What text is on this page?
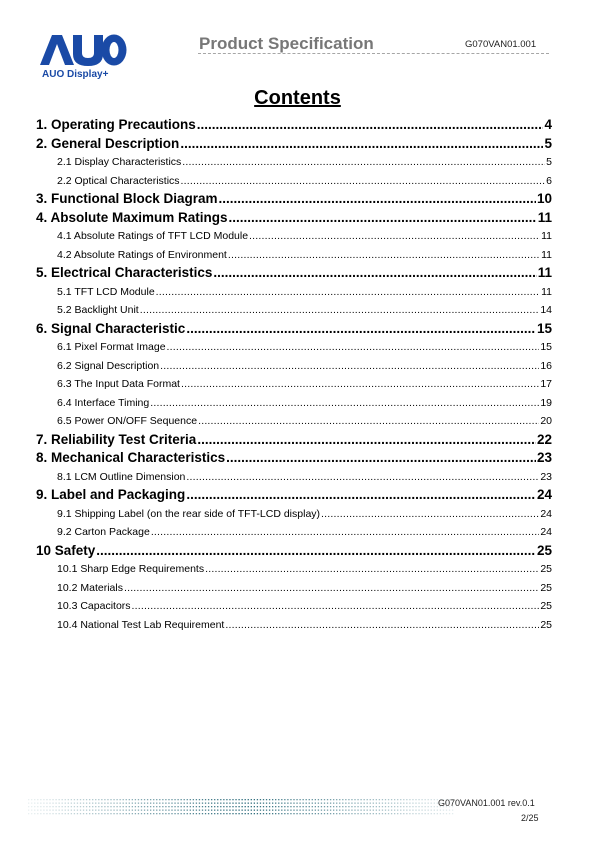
AUO Display+
Product Specification	G070VAN01.001
Contents
1. Operating Precautions .....	4
2. General Description .....	5
2.1 Display Characteristics .....	5
2.2 Optical Characteristics .....	6
3. Functional Block Diagram .....	10
4. Absolute Maximum Ratings .....	11
4.1 Absolute Ratings of TFT LCD Module .....	11
4.2 Absolute Ratings of Environment .....	11
5. Electrical Characteristics .....	11
5.1 TFT LCD Module .....	11
5.2 Backlight Unit .....	14
6. Signal Characteristic .....	15
6.1 Pixel Format Image .....	15
6.2 Signal Description .....	16
6.3 The Input Data Format .....	17
6.4 Interface Timing .....	19
6.5 Power ON/OFF Sequence .....	20
7. Reliability Test Criteria .....	22
8. Mechanical Characteristics .....	23
8.1 LCM Outline Dimension .....	23
9. Label and Packaging .....	24
9.1 Shipping Label (on the rear side of TFT-LCD display) .....	24
9.2 Carton Package .....	24
10 Safety .....	25
10.1 Sharp Edge Requirements .....	25
10.2 Materials .....	25
10.3 Capacitors .....	25
10.4 National Test Lab Requirement .....	25
G070VAN01.001 rev.0.1
2/25
